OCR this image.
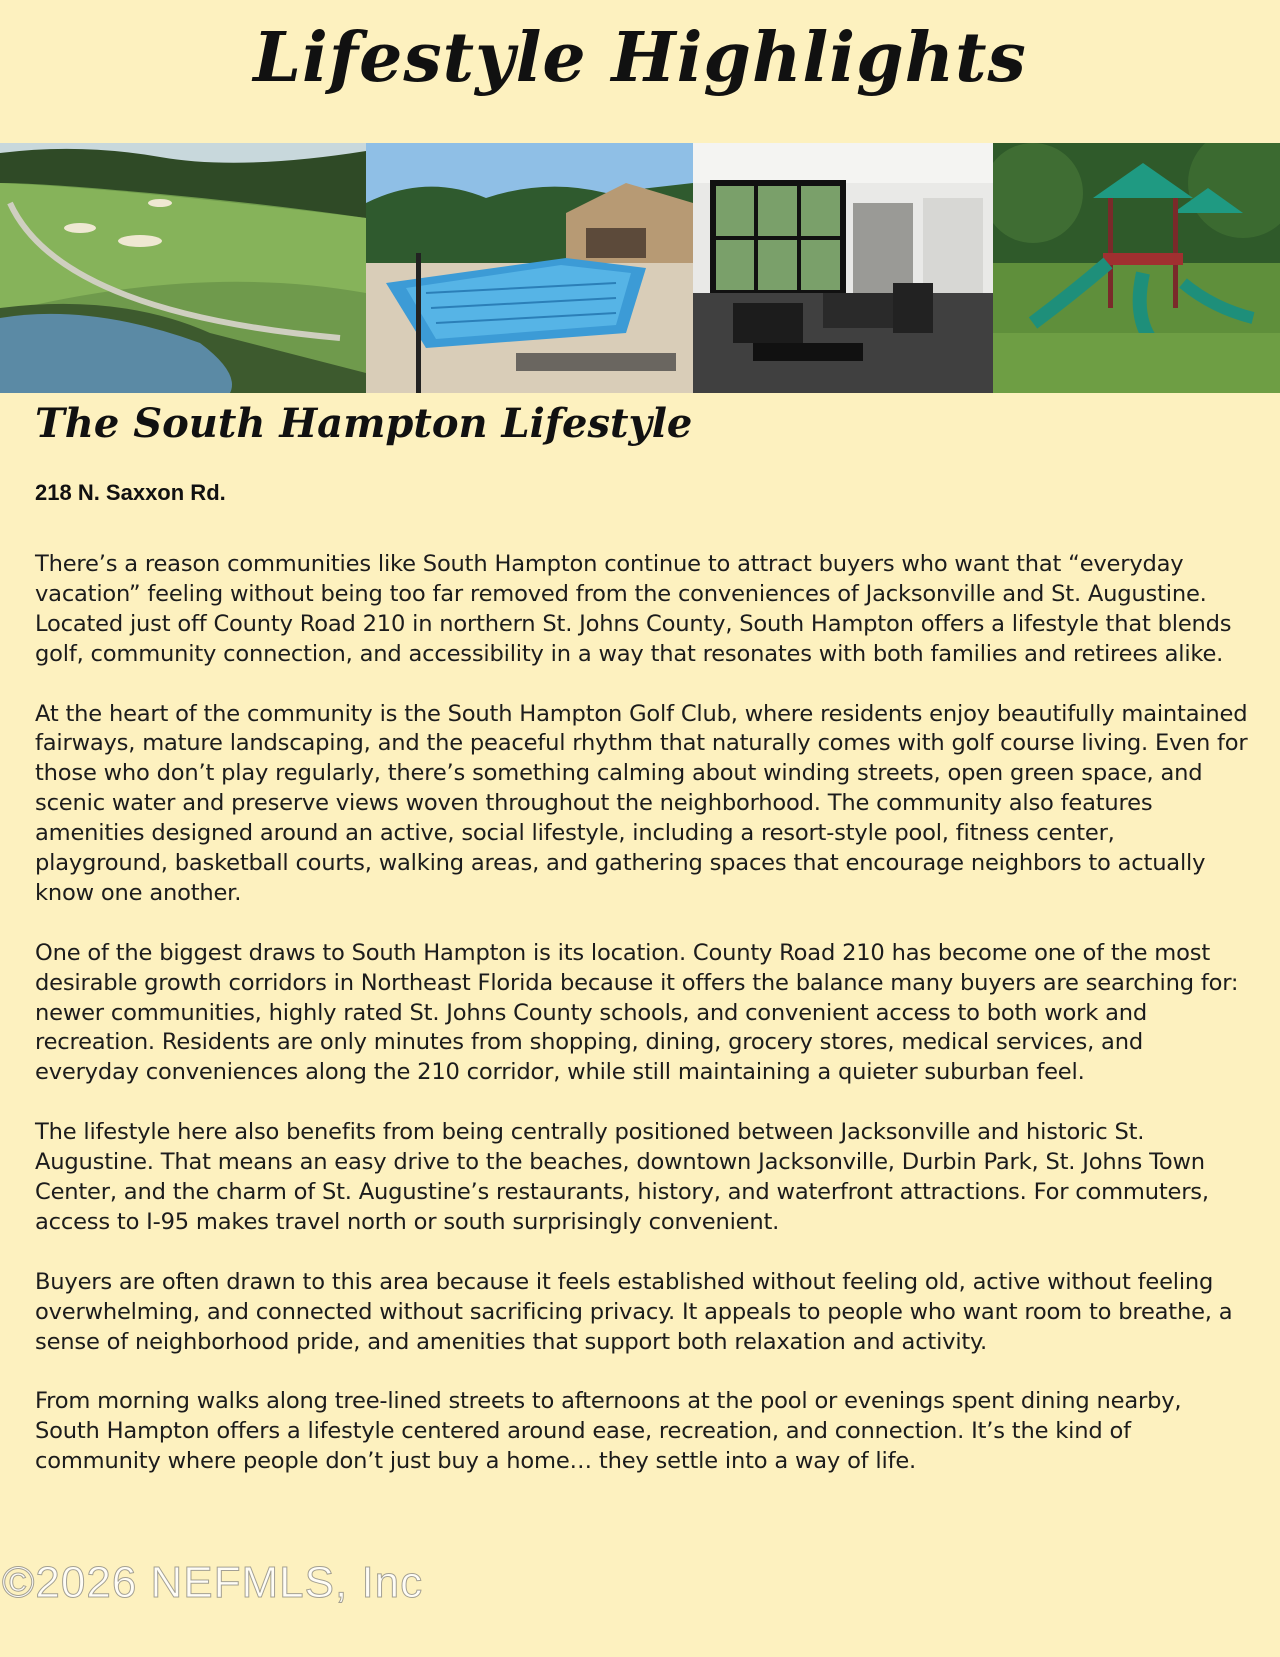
Lifestyle Highlights
The South Hampton Lifestyle
218 N. Saxxon Rd.

There’s a reason communities like South Hampton continue to attract buyers who want that “everyday vacation” feeling without being too far removed from the conveniences of Jacksonville and St. Augustine. Located just off County Road 210 in northern St. Johns County, South Hampton offers a lifestyle that blends golf, community connection, and accessibility in a way that resonates with both families and retirees alike.

At the heart of the community is the South Hampton Golf Club, where residents enjoy beautifully maintained fairways, mature landscaping, and the peaceful rhythm that naturally comes with golf course living. Even for those who don’t play regularly, there’s something calming about winding streets, open green space, and scenic water and preserve views woven throughout the neighborhood. The community also features amenities designed around an active, social lifestyle, including a resort-style pool, fitness center, playground, basketball courts, walking areas, and gathering spaces that encourage neighbors to actually know one another.

One of the biggest draws to South Hampton is its location. County Road 210 has become one of the most desirable growth corridors in Northeast Florida because it offers the balance many buyers are searching for: newer communities, highly rated St. Johns County schools, and convenient access to both work and recreation. Residents are only minutes from shopping, dining, grocery stores, medical services, and everyday conveniences along the 210 corridor, while still maintaining a quieter suburban feel.

The lifestyle here also benefits from being centrally positioned between Jacksonville and historic St. Augustine. That means an easy drive to the beaches, downtown Jacksonville, Durbin Park, St. Johns Town Center, and the charm of St. Augustine’s restaurants, history, and waterfront attractions. For commuters, access to I-95 makes travel north or south surprisingly convenient.

Buyers are often drawn to this area because it feels established without feeling old, active without feeling overwhelming, and connected without sacrificing privacy. It appeals to people who want room to breathe, a sense of neighborhood pride, and amenities that support both relaxation and activity.

From morning walks along tree-lined streets to afternoons at the pool or evenings spent dining nearby, South Hampton offers a lifestyle centered around ease, recreation, and connection. It’s the kind of community where people don’t just buy a home… they settle into a way of life.

©2026 NEFMLS, Inc
